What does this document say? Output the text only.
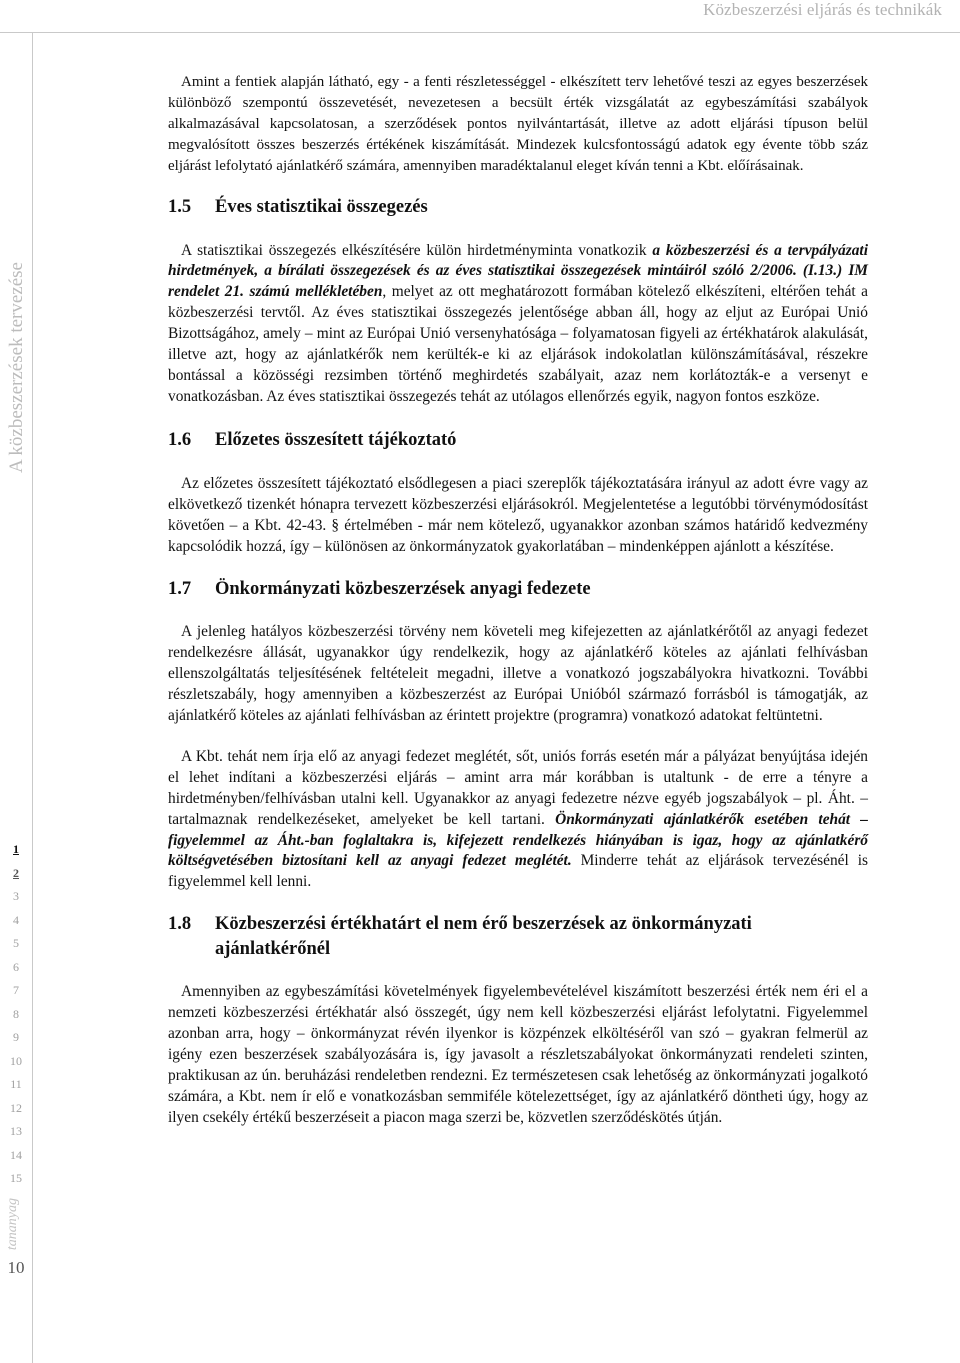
Közbeszerzési eljárás és technikák
A közbeszerzések tervezése
1
2
3
4
5
6
7
8
9
10
11
12
13
14
15
tananyag
10

Amint a fentiek alapján látható, egy - a fenti részletességgel - elkészített terv lehetővé teszi az egyes beszerzések különböző szempontú összevetését, nevezetesen a becsült érték vizsgálatát az egybeszámítási szabályok alkalmazásával kapcsolatosan, a szerződések pontos nyilvántartását, illetve az adott eljárási típuson belül megvalósított összes beszerzés értékének kiszámítását. Mindezek kulcsfontosságú adatok egy évente több száz eljárást lefolytató ajánlatkérő számára, amennyiben maradéktalanul eleget kíván tenni a Kbt. előírásainak.

1.5	Éves statisztikai összegezés

A statisztikai összegezés elkészítésére külön hirdetményminta vonatkozik a közbeszerzési és a tervpályázati hirdetmények, a bírálati összegezések és az éves statisztikai összegezések mintáiról szóló 2/2006. (I.13.) IM rendelet 21. számú mellékletében, melyet az ott meghatározott formában kötelező elkészíteni, eltérően tehát a közbeszerzési tervtől. Az éves statisztikai összegezés jelentősége abban áll, hogy az eljut az Európai Unió Bizottságához, amely – mint az Európai Unió versenyhatósága – folyamatosan figyeli az értékhatárok alakulását, illetve azt, hogy az ajánlatkérők nem kerülték-e ki az eljárások indokolatlan különszámításával, részekre bontással a közösségi rezsimben történő meghirdetés szabályait, azaz nem korlátozták-e a versenyt e vonatkozásban. Az éves statisztikai összegezés tehát az utólagos ellenőrzés egyik, nagyon fontos eszköze.

1.6	Előzetes összesített tájékoztató

Az előzetes összesített tájékoztató elsődlegesen a piaci szereplők tájékoztatására irányul az adott évre vagy az elkövetkező tizenkét hónapra tervezett közbeszerzési eljárásokról. Megjelentetése a legutóbbi törvénymódosítást követően – a Kbt. 42-43. § értelmében - már nem kötelező, ugyanakkor azonban számos határidő kedvezmény kapcsolódik hozzá, így – különösen az önkormányzatok gyakorlatában – mindenképpen ajánlott a készítése.

1.7	Önkormányzati közbeszerzések anyagi fedezete

A jelenleg hatályos közbeszerzési törvény nem követeli meg kifejezetten az ajánlatkérőtől az anyagi fedezet rendelkezésre állását, ugyanakkor úgy rendelkezik, hogy az ajánlatkérő köteles az ajánlati felhívásban ellenszolgáltatás teljesítésének feltételeit megadni, illetve a vonatkozó jogszabályokra hivatkozni. További részletszabály, hogy amennyiben a közbeszerzést az Európai Unióból származó forrásból is támogatják, az ajánlatkérő köteles az ajánlati felhívásban az érintett projektre (programra) vonatkozó adatokat feltüntetni.

A Kbt. tehát nem írja elő az anyagi fedezet meglétét, sőt, uniós forrás esetén már a pályázat benyújtása idején el lehet indítani a közbeszerzési eljárás – amint arra már korábban is utaltunk - de erre a tényre a hirdetményben/felhívásban utalni kell. Ugyanakkor az anyagi fedezetre nézve egyéb jogszabályok – pl. Áht. – tartalmaznak rendelkezéseket, amelyeket be kell tartani. Önkormányzati ajánlatkérők esetében tehát – figyelemmel az Áht.-ban foglaltakra is, kifejezett rendelkezés hiányában is igaz, hogy az ajánlatkérő költségvetésében biztosítani kell az anyagi fedezet meglétét. Minderre tehát az eljárások tervezésénél is figyelemmel kell lenni.

1.8	Közbeszerzési értékhatárt el nem érő beszerzések az önkormányzati ajánlatkérőnél

Amennyiben az egybeszámítási követelmények figyelembevételével kiszámított beszerzési érték nem éri el a nemzeti közbeszerzési értékhatár alsó összegét, úgy nem kell közbeszerzési eljárást lefolytatni. Figyelemmel azonban arra, hogy – önkormányzat révén ilyenkor is közpénzek elköltéséről van szó – gyakran felmerül az igény ezen beszerzések szabályozására is, így javasolt a részletszabályokat önkormányzati rendeleti szinten, praktikusan az ún. beruházási rendeletben rendezni. Ez természetesen csak lehetőség az önkormányzati jogalkotó számára, a Kbt. nem ír elő e vonatkozásban semmiféle kötelezettséget, így az ajánlatkérő döntheti úgy, hogy az ilyen csekély értékű beszerzéseit a piacon maga szerzi be, közvetlen szerződéskötés útján.
